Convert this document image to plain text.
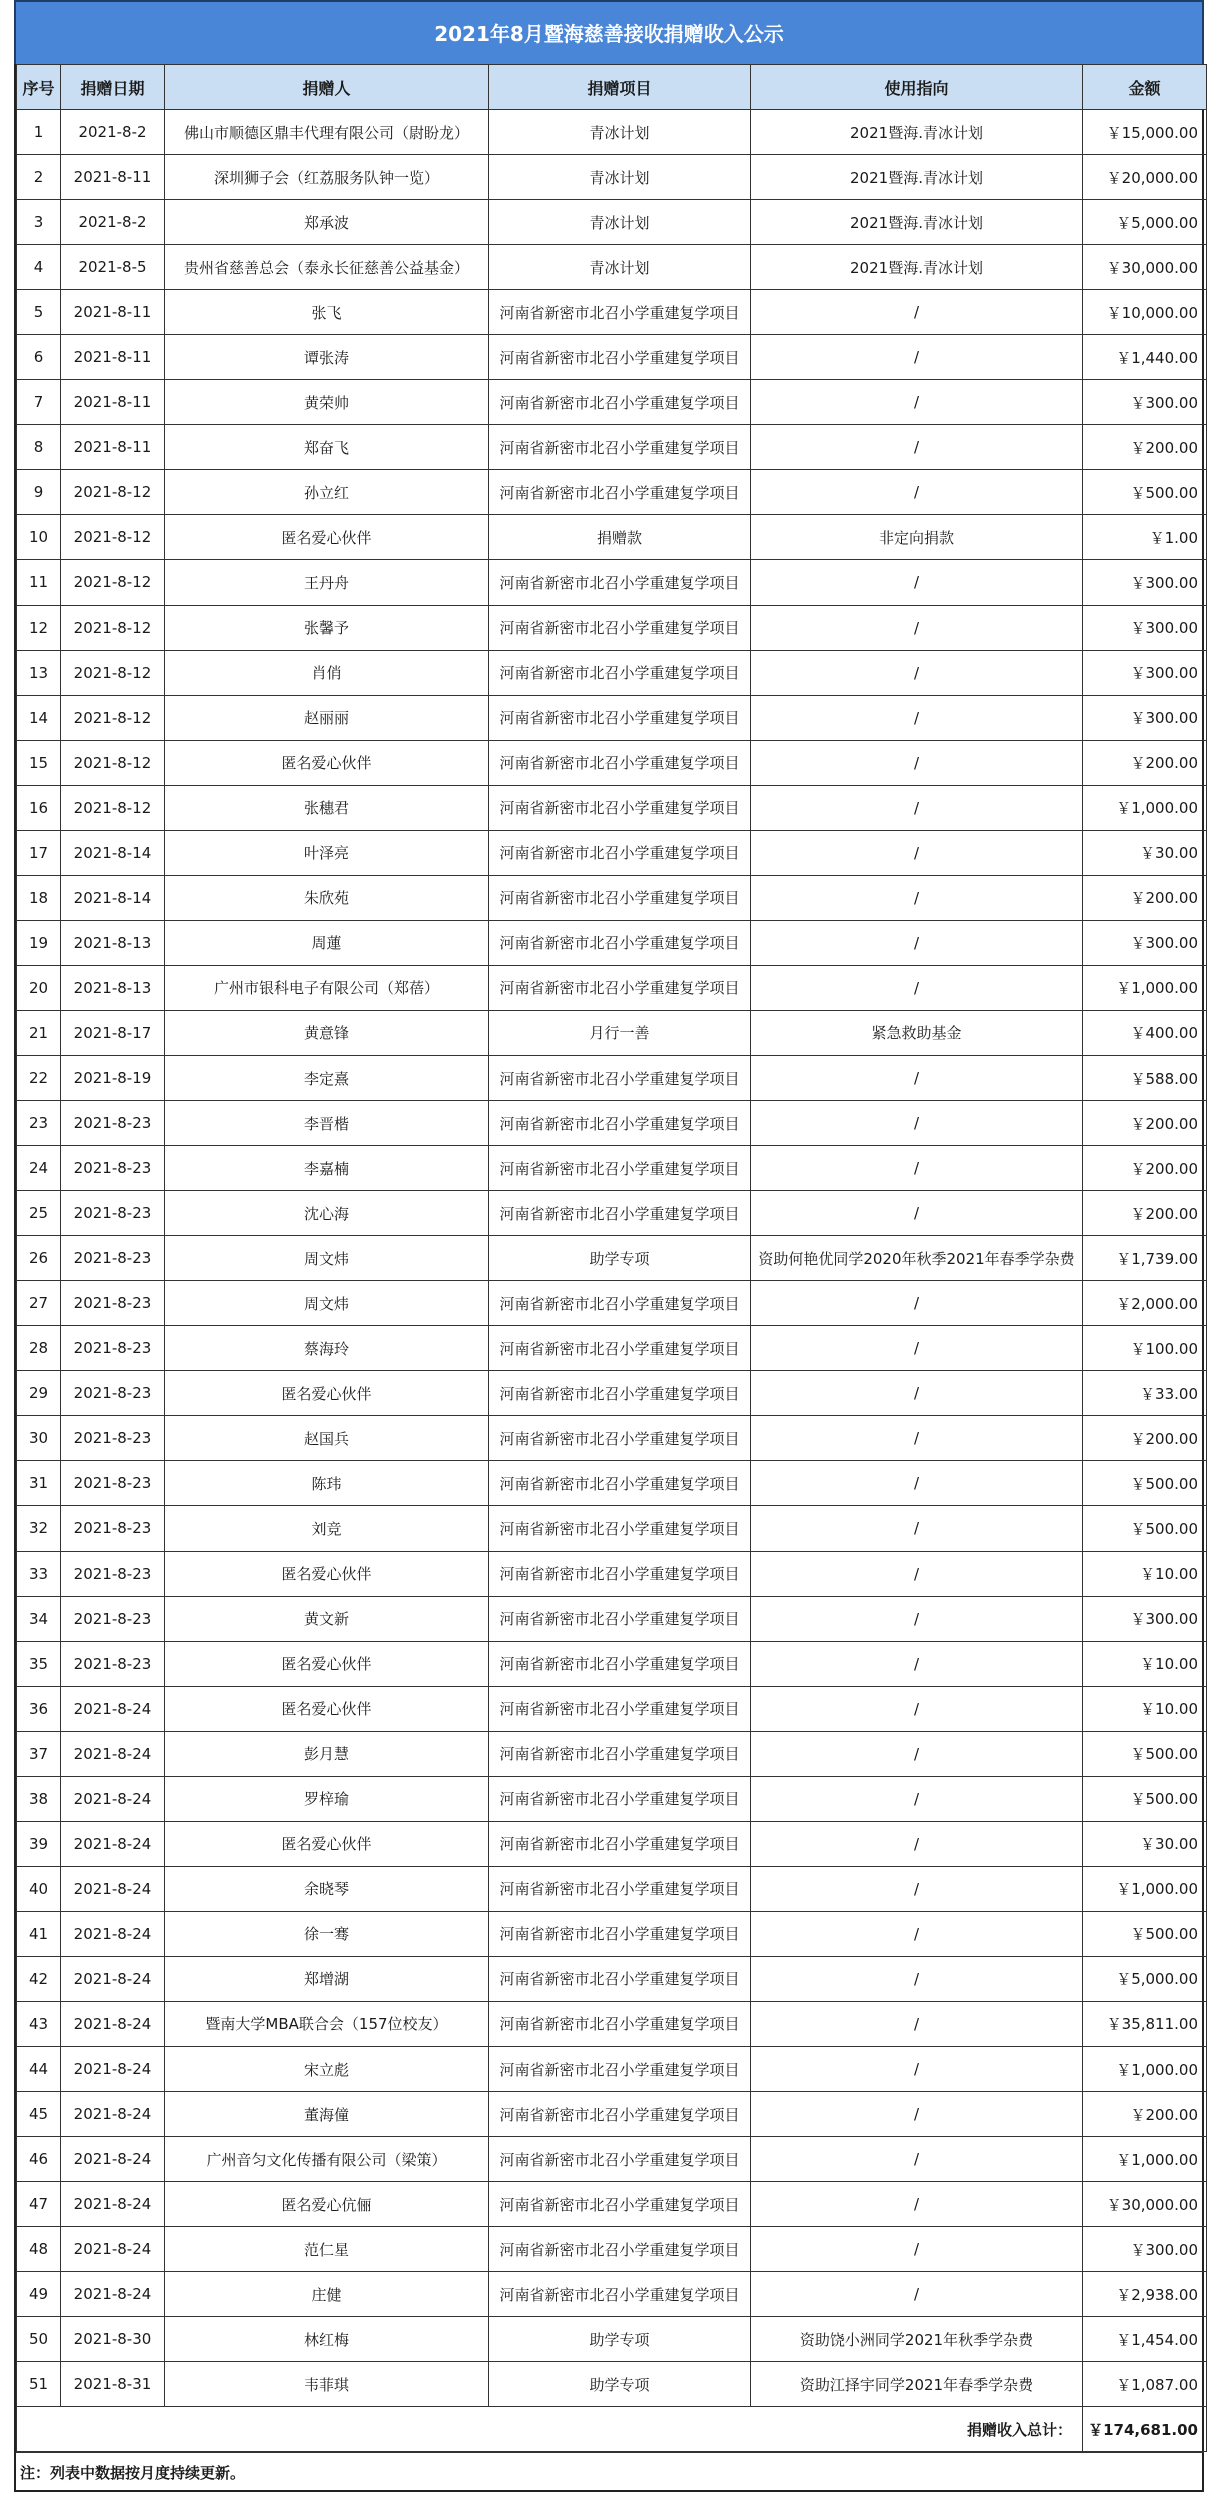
2021年8月暨海慈善接收捐赠收入公示
序号	捐赠日期	捐赠人	捐赠项目	使用指向	金额
1	2021-8-2	佛山市顺德区鼎丰代理有限公司（尉盼龙）	青冰计划	2021暨海.青冰计划	￥15,000.00
2	2021-8-11	深圳狮子会（红荔服务队钟一览）	青冰计划	2021暨海.青冰计划	￥20,000.00
3	2021-8-2	郑承波	青冰计划	2021暨海.青冰计划	￥5,000.00
4	2021-8-5	贵州省慈善总会（泰永长征慈善公益基金）	青冰计划	2021暨海.青冰计划	￥30,000.00
5	2021-8-11	张飞	河南省新密市北召小学重建复学项目	/	￥10,000.00
6	2021-8-11	谭张涛	河南省新密市北召小学重建复学项目	/	￥1,440.00
7	2021-8-11	黄荣帅	河南省新密市北召小学重建复学项目	/	￥300.00
8	2021-8-11	郑奋飞	河南省新密市北召小学重建复学项目	/	￥200.00
9	2021-8-12	孙立红	河南省新密市北召小学重建复学项目	/	￥500.00
10	2021-8-12	匿名爱心伙伴	捐赠款	非定向捐款	￥1.00
11	2021-8-12	王丹舟	河南省新密市北召小学重建复学项目	/	￥300.00
12	2021-8-12	张馨予	河南省新密市北召小学重建复学项目	/	￥300.00
13	2021-8-12	肖俏	河南省新密市北召小学重建复学项目	/	￥300.00
14	2021-8-12	赵丽丽	河南省新密市北召小学重建复学项目	/	￥300.00
15	2021-8-12	匿名爱心伙伴	河南省新密市北召小学重建复学项目	/	￥200.00
16	2021-8-12	张穗君	河南省新密市北召小学重建复学项目	/	￥1,000.00
17	2021-8-14	叶泽亮	河南省新密市北召小学重建复学项目	/	￥30.00
18	2021-8-14	朱欣苑	河南省新密市北召小学重建复学项目	/	￥200.00
19	2021-8-13	周蓮	河南省新密市北召小学重建复学项目	/	￥300.00
20	2021-8-13	广州市银科电子有限公司（郑蓓）	河南省新密市北召小学重建复学项目	/	￥1,000.00
21	2021-8-17	黄意锋	月行一善	紧急救助基金	￥400.00
22	2021-8-19	李定熹	河南省新密市北召小学重建复学项目	/	￥588.00
23	2021-8-23	李晋楷	河南省新密市北召小学重建复学项目	/	￥200.00
24	2021-8-23	李嘉楠	河南省新密市北召小学重建复学项目	/	￥200.00
25	2021-8-23	沈心海	河南省新密市北召小学重建复学项目	/	￥200.00
26	2021-8-23	周文炜	助学专项	资助何艳优同学2020年秋季2021年春季学杂费	￥1,739.00
27	2021-8-23	周文炜	河南省新密市北召小学重建复学项目	/	￥2,000.00
28	2021-8-23	蔡海玲	河南省新密市北召小学重建复学项目	/	￥100.00
29	2021-8-23	匿名爱心伙伴	河南省新密市北召小学重建复学项目	/	￥33.00
30	2021-8-23	赵国兵	河南省新密市北召小学重建复学项目	/	￥200.00
31	2021-8-23	陈玮	河南省新密市北召小学重建复学项目	/	￥500.00
32	2021-8-23	刘竞	河南省新密市北召小学重建复学项目	/	￥500.00
33	2021-8-23	匿名爱心伙伴	河南省新密市北召小学重建复学项目	/	￥10.00
34	2021-8-23	黄文新	河南省新密市北召小学重建复学项目	/	￥300.00
35	2021-8-23	匿名爱心伙伴	河南省新密市北召小学重建复学项目	/	￥10.00
36	2021-8-24	匿名爱心伙伴	河南省新密市北召小学重建复学项目	/	￥10.00
37	2021-8-24	彭月慧	河南省新密市北召小学重建复学项目	/	￥500.00
38	2021-8-24	罗梓瑜	河南省新密市北召小学重建复学项目	/	￥500.00
39	2021-8-24	匿名爱心伙伴	河南省新密市北召小学重建复学项目	/	￥30.00
40	2021-8-24	余晓琴	河南省新密市北召小学重建复学项目	/	￥1,000.00
41	2021-8-24	徐一骞	河南省新密市北召小学重建复学项目	/	￥500.00
42	2021-8-24	郑增湖	河南省新密市北召小学重建复学项目	/	￥5,000.00
43	2021-8-24	暨南大学MBA联合会（157位校友）	河南省新密市北召小学重建复学项目	/	￥35,811.00
44	2021-8-24	宋立彪	河南省新密市北召小学重建复学项目	/	￥1,000.00
45	2021-8-24	董海僮	河南省新密市北召小学重建复学项目	/	￥200.00
46	2021-8-24	广州音匀文化传播有限公司（梁策）	河南省新密市北召小学重建复学项目	/	￥1,000.00
47	2021-8-24	匿名爱心伉俪	河南省新密市北召小学重建复学项目	/	￥30,000.00
48	2021-8-24	范仁星	河南省新密市北召小学重建复学项目	/	￥300.00
49	2021-8-24	庄健	河南省新密市北召小学重建复学项目	/	￥2,938.00
50	2021-8-30	林红梅	助学专项	资助饶小洲同学2021年秋季学杂费	￥1,454.00
51	2021-8-31	韦菲琪	助学专项	资助江择宇同学2021年春季学杂费	￥1,087.00
捐赠收入总计：					￥174,681.00
注：列表中数据按月度持续更新。
